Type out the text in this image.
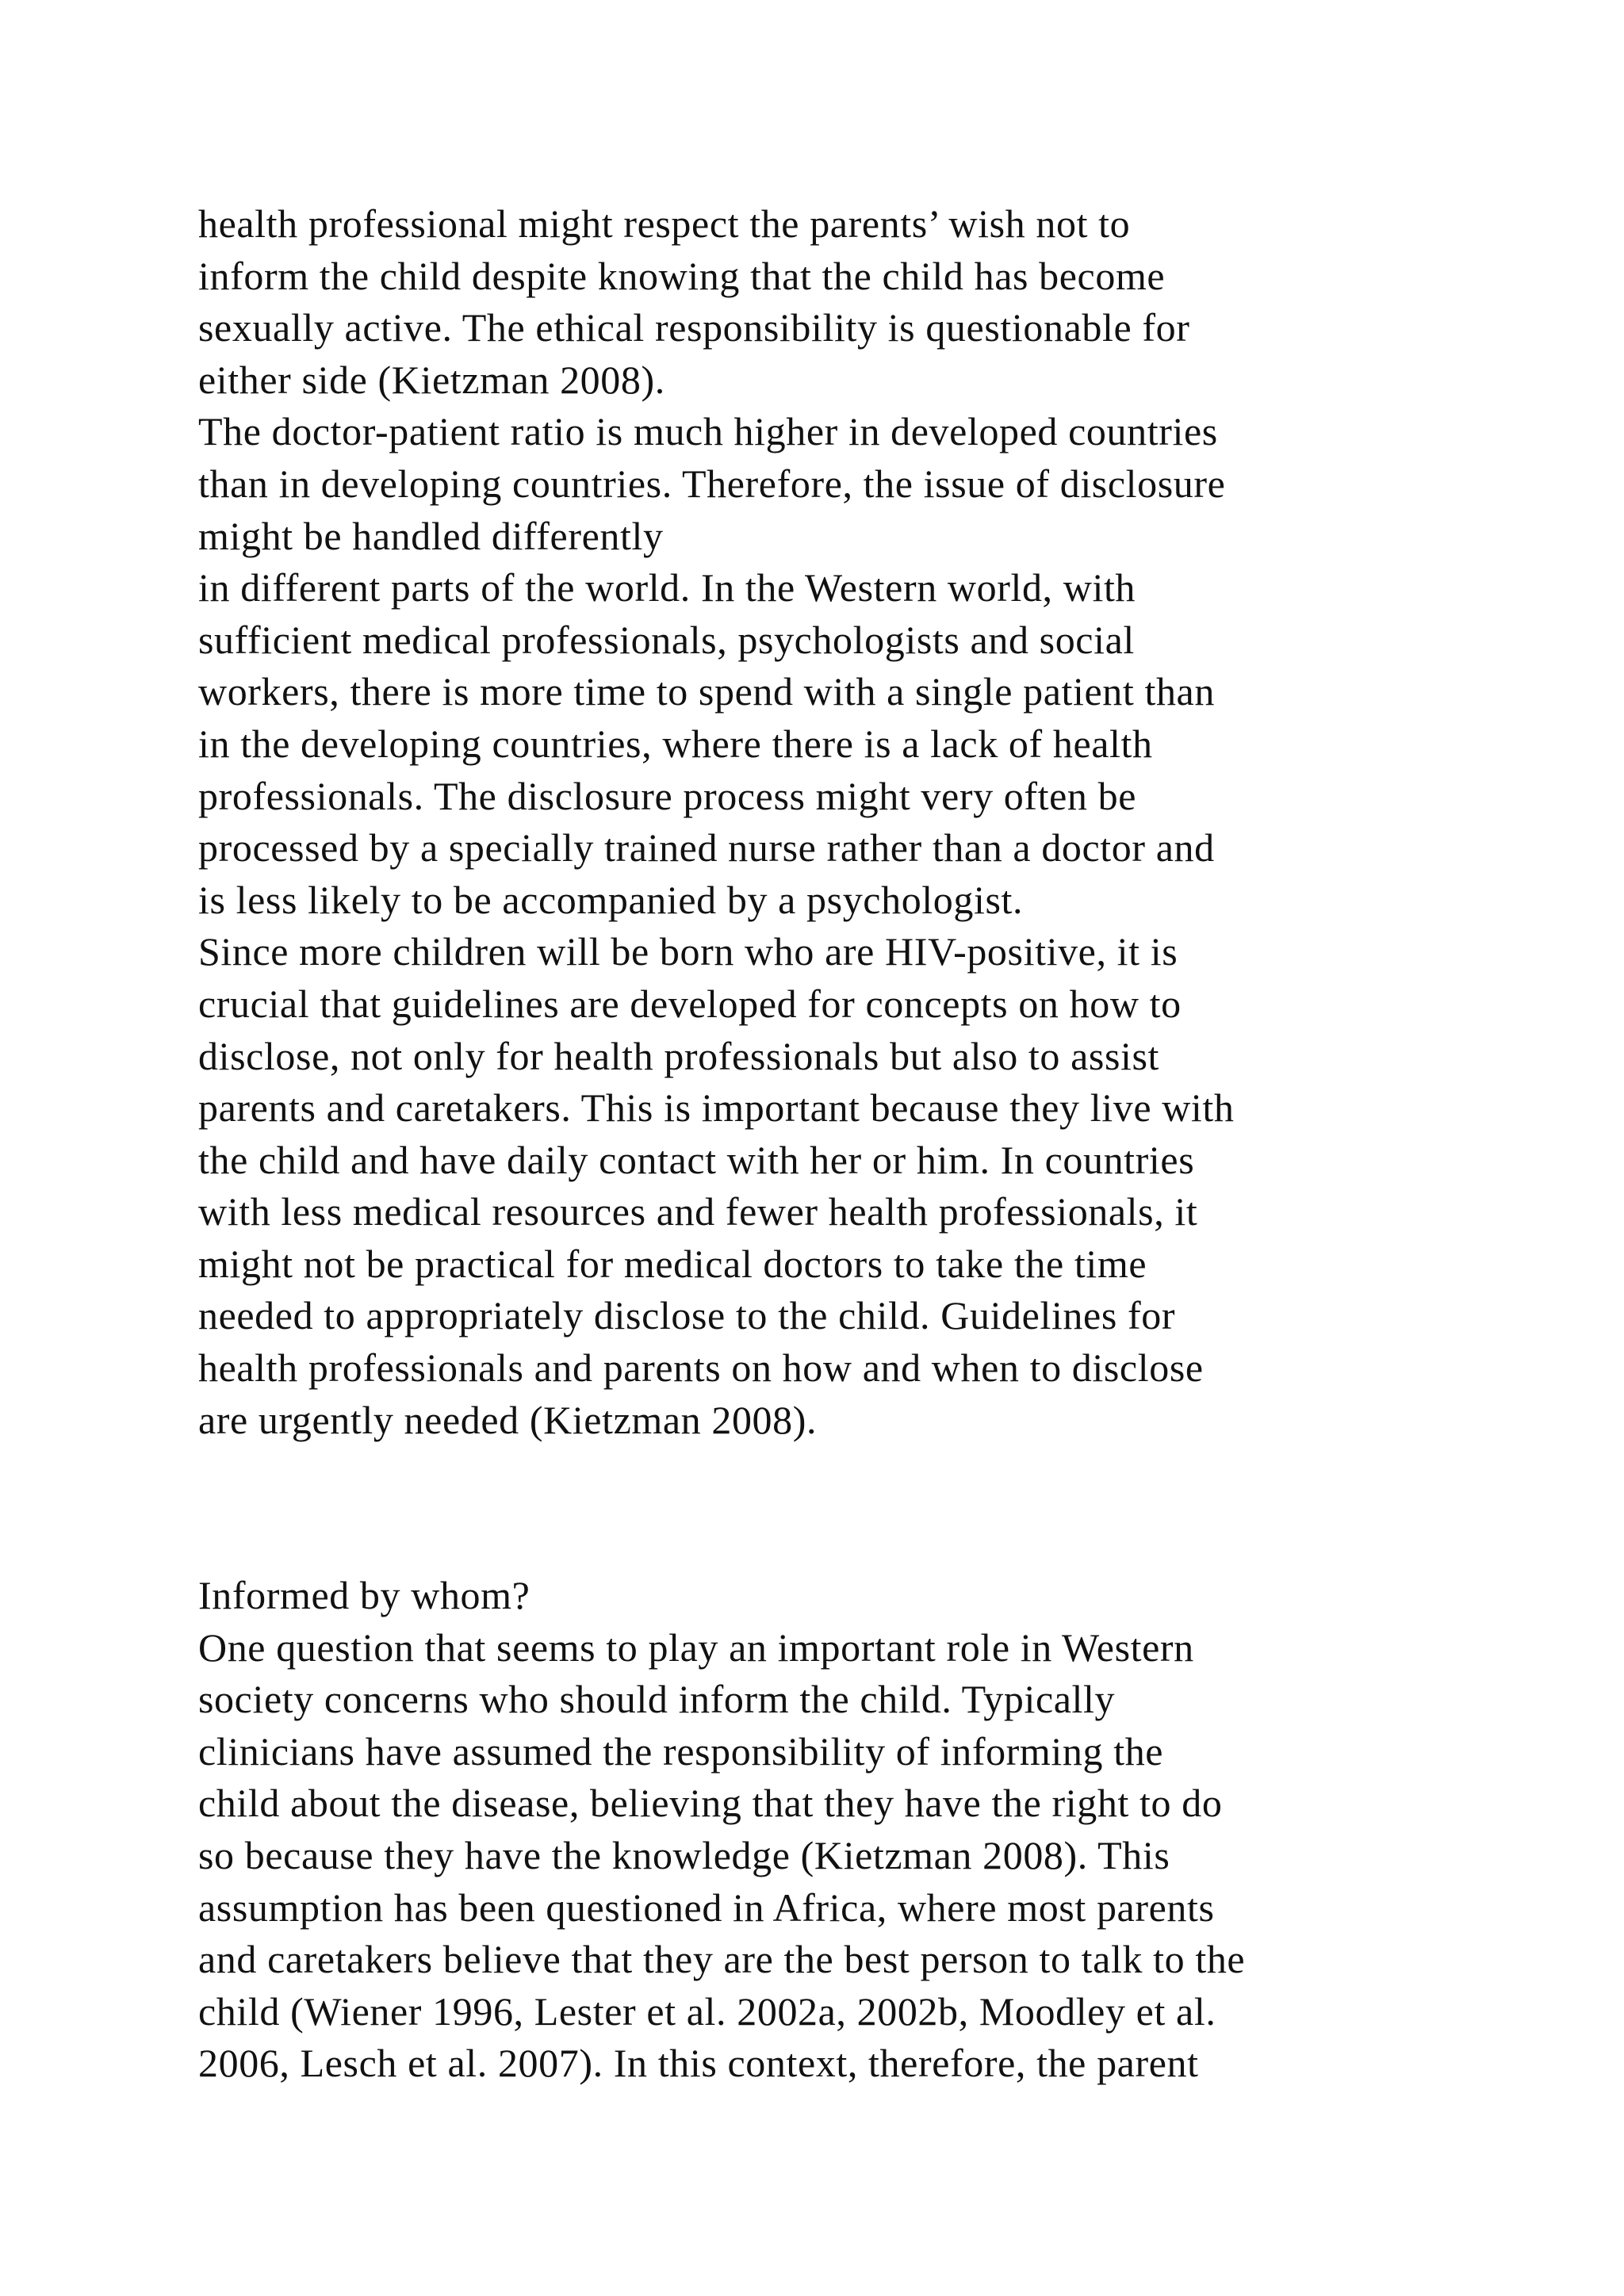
health professional might respect the parents’ wish not to
inform the child despite knowing that the child has become
sexually active. The ethical responsibility is questionable for
either side (Kietzman 2008).
The doctor-patient ratio is much higher in developed countries
than in developing countries. Therefore, the issue of disclosure
might be handled differently
in different parts of the world. In the Western world, with
sufficient medical professionals, psychologists and social
workers, there is more time to spend with a single patient than
in the developing countries, where there is a lack of health
professionals. The disclosure process might very often be
processed by a specially trained nurse rather than a doctor and
is less likely to be accompanied by a psychologist.
Since more children will be born who are HIV-positive, it is
crucial that guidelines are developed for concepts on how to
disclose, not only for health professionals but also to assist
parents and caretakers. This is important because they live with
the child and have daily contact with her or him. In countries
with less medical resources and fewer health professionals, it
might not be practical for medical doctors to take the time
needed to appropriately disclose to the child. Guidelines for
health professionals and parents on how and when to disclose
are urgently needed (Kietzman 2008).
Informed by whom?
One question that seems to play an important role in Western
society concerns who should inform the child. Typically
clinicians have assumed the responsibility of informing the
child about the disease, believing that they have the right to do
so because they have the knowledge (Kietzman 2008). This
assumption has been questioned in Africa, where most parents
and caretakers believe that they are the best person to talk to the
child (Wiener 1996, Lester et al. 2002a, 2002b, Moodley et al.
2006, Lesch et al. 2007). In this context, therefore, the parent
